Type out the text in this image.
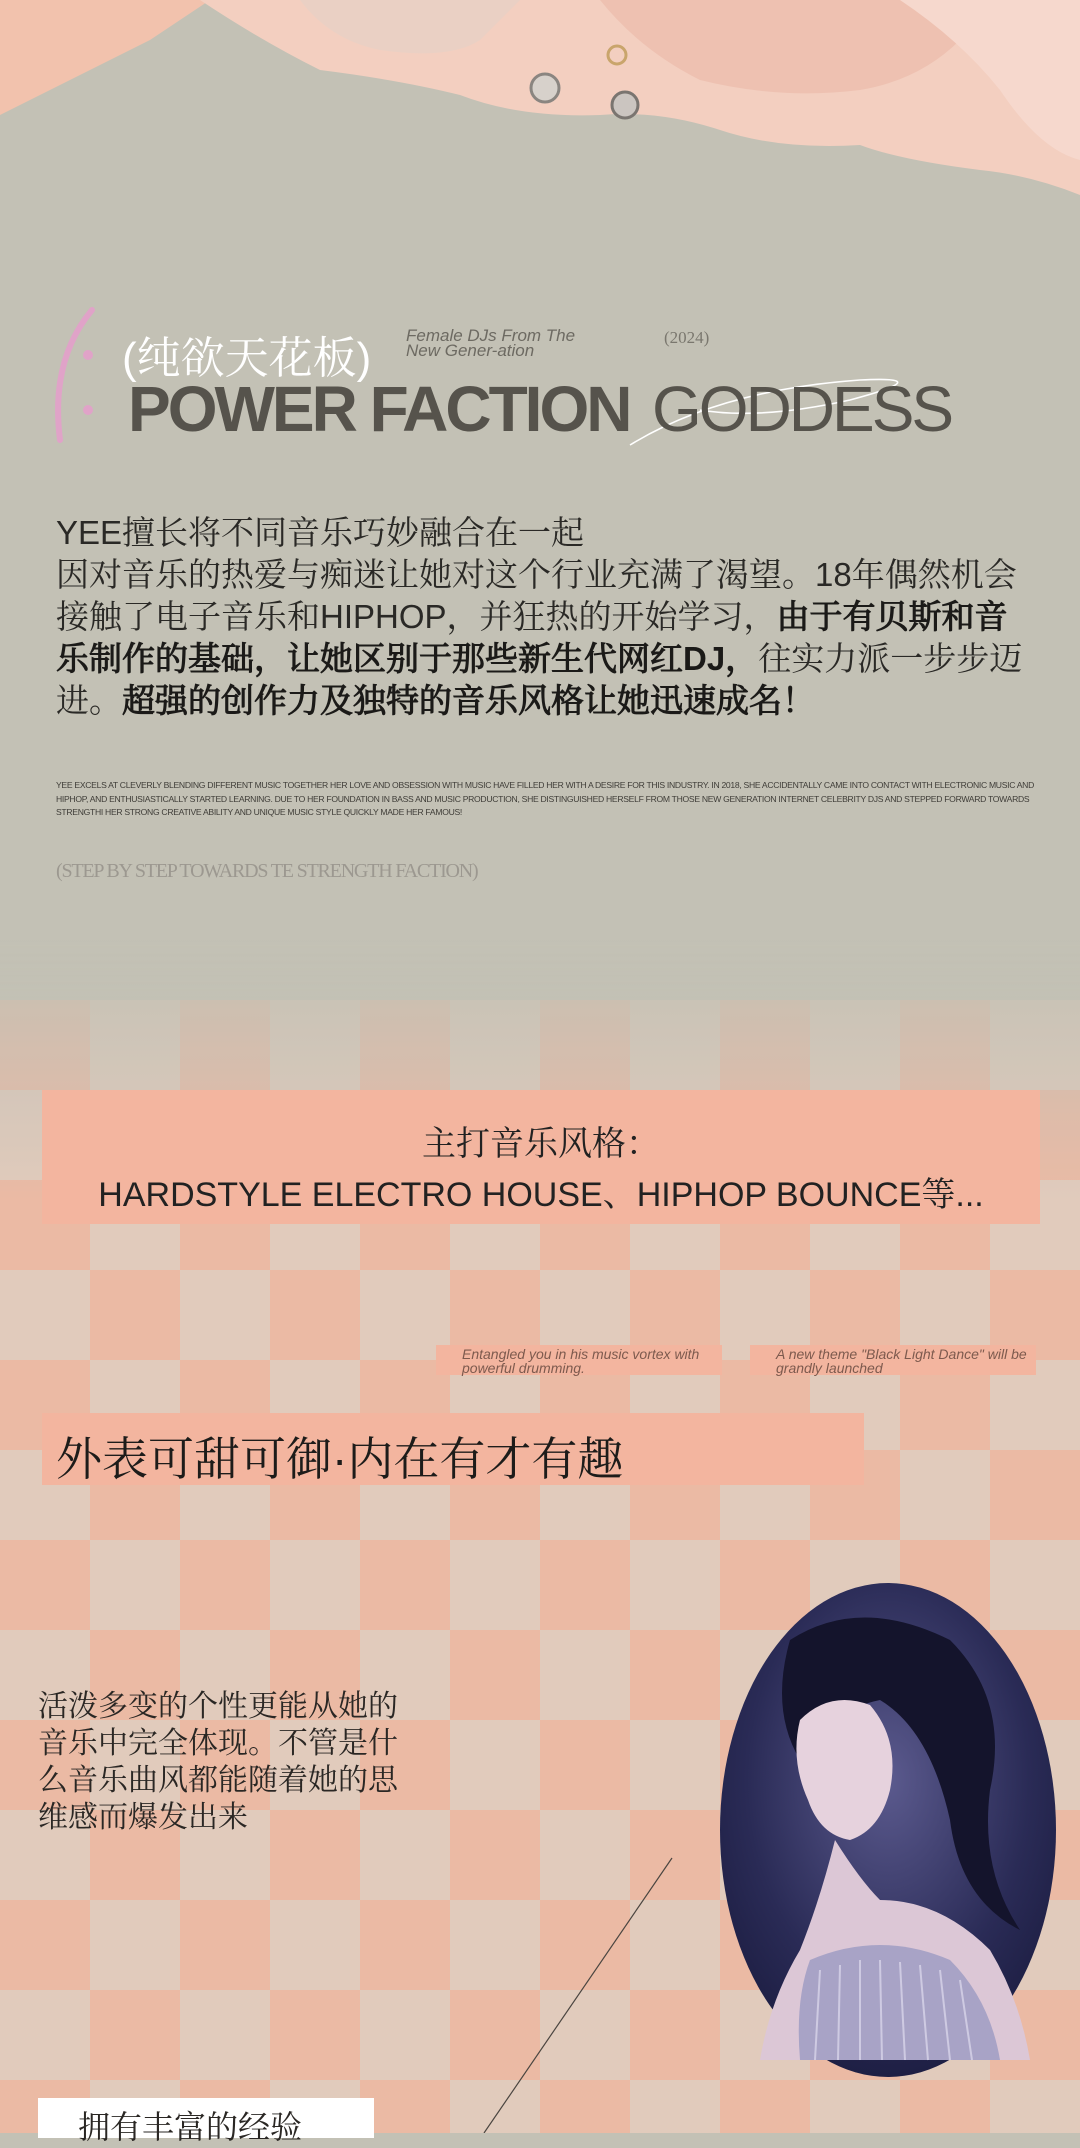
(纯欲天花板) Female DJs From The New Gener-ation
(2024)
POWER FACTION GODDESS
YEE擅长将不同音乐巧妙融合在一起
因对音乐的热爱与痴迷让她对这个行业充满了渴望。18年偶然机会接触了电子音乐和HIPHOP，并狂热的开始学习，由于有贝斯和音乐制作的基础，让她区别于那些新生代网红DJ，往实力派一步步迈进。超强的创作力及独特的音乐风格让她迅速成名！
YEE EXCELS AT CLEVERLY BLENDING DIFFERENT MUSIC TOGETHER HER LOVE AND OBSESSION WITH MUSIC HAVE FILLED HER WITH A DESIRE FOR THIS INDUSTRY. IN 2018, SHE ACCIDENTALLY CAME INTO CONTACT WITH ELECTRONIC MUSIC AND HIPHOP, AND ENTHUSIASTICALLY STARTED LEARNING. DUE TO HER FOUNDATION IN BASS AND MUSIC PRODUCTION, SHE DISTINGUISHED HERSELF FROM THOSE NEW GENERATION INTERNET CELEBRITY DJS AND STEPPED FORWARD TOWARDS STRENGTHI HER STRONG CREATIVE ABILITY AND UNIQUE MUSIC STYLE QUICKLY MADE HER FAMOUS!
(STEP BY STEP TOWARDS TE STRENGTH FACTION)
主打音乐风格：
HARDSTYLE ELECTRO HOUSE、HIPHOP BOUNCE等...
Entangled you in his music vortex with powerful drumming.
A new theme "Black Light Dance" will be grandly launched
外表可甜可御·内在有才有趣
活泼多变的个性更能从她的音乐中完全体现。不管是什么音乐曲风都能随着她的思维感而爆发出来
拥有丰富的经验
